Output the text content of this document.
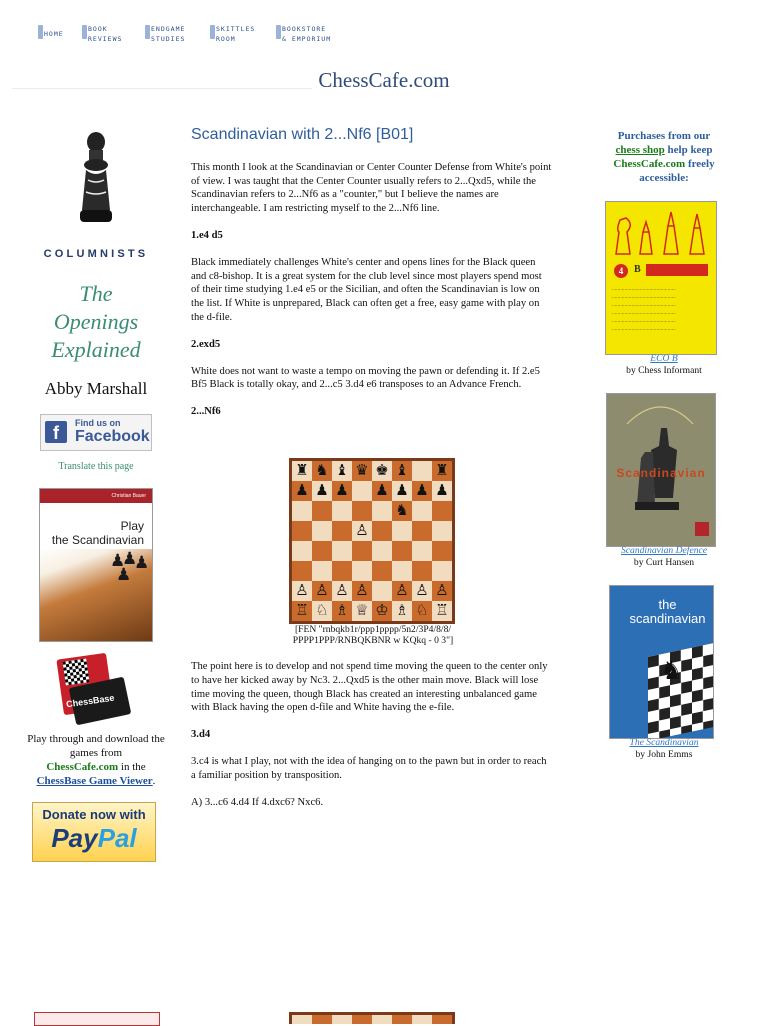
HOME
BOOK
REVIEWS
ENDGAME
STUDIES
SKITTLES
ROOM
BOOKSTORE
& EMPORIUM
ChessCafe.com
COLUMNISTS
The
Openings
Explained
Abby Marshall
f	Find us on
Facebook
Translate this page
Christian Bauer
Play
the Scandinavian
♟
♟
♟
♟
ChessBase
Play through and download the games from
ChessCafe.com in the
ChessBase Game Viewer.
Donate now with
PayPal
Scandinavian with 2...Nf6 [B01]

This month I look at the Scandinavian or Center Counter Defense from White's point of view. I was taught that the Center Counter usually refers to 2...Qxd5, while the Scandinavian refers to 2...Nf6 as a "counter," but I believe the names are interchangeable. I am restricting myself to the 2...Nf6 line.

1.e4 d5

Black immediately challenges White's center and opens lines for the Black queen and c8-bishop. It is a great system for the club level since most players spend most of their time studying 1.e4 e5 or the Sicilian, and often the Scandinavian is low on the list. If White is unprepared, Black can often get a free, easy game with play on the d-file.

2.exd5

White does not want to waste a tempo on moving the pawn or defending it. If 2.e5 Bf5 Black is totally okay, and 2...c5 3.d4 e6 transposes to an Advance French.

2...Nf6

♜ ♞ ♝ ♛ ♚ ♝ ♜
♟ ♟ ♟ ♟ ♟ ♟ ♟
♞
♙
♙ ♙ ♙ ♙ ♙ ♙ ♙
♖ ♘ ♗ ♕ ♔ ♗ ♘ ♖
[FEN "rnbqkb1r/ppp1pppp/5n2/3P4/8/8/ PPPP1PPP/RNBQKBNR w KQkq - 0 3"]

The point here is to develop and not spend time moving the queen to the center only to have her kicked away by Nc3. 2...Qxd5 is the other main move. Black will lose time moving the queen, though Black has created an interesting unbalanced game with Black having the open d-file and White having the e-file.

3.d4

3.c4 is what I play, not with the idea of hanging on to the pawn but in order to reach a familiar position by transposition.

A) 3...c6 4.d4 If 4.dxc6? Nxc6.

Purchases from our
chess shop help keep
ChessCafe.com freely accessible:
4	B
..............................................
..............................................
..............................................
..............................................
..............................................
..............................................
ECO B
by Chess Informant
Scandinavian
Scandinavian Defence
by Curt Hansen
the scandinavian
♞
The Scandinavian
by John Emms
